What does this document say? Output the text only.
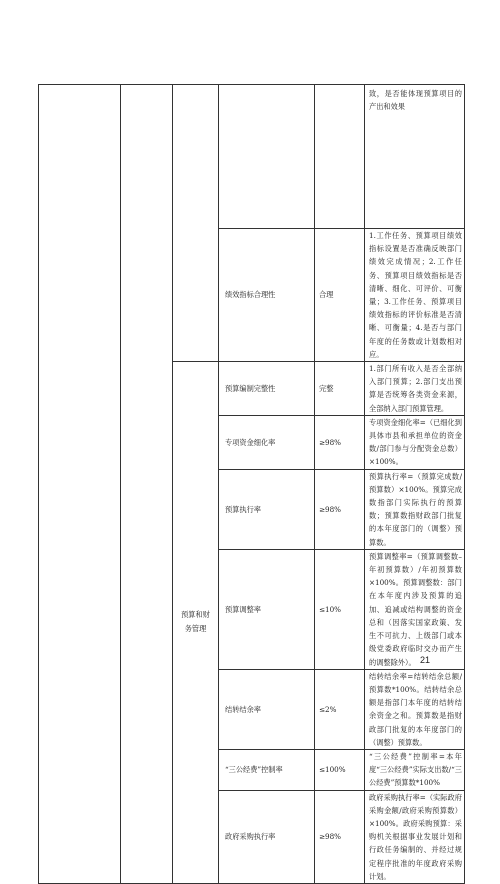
					致，是否能体现预算项目的产出和效果

			绩效指标合理性	合理	1.工作任务、预算项目绩效指标设置是否准确反映部门绩效完成情况；2.工作任务、预算项目绩效指标是否清晰、细化、可评价、可衡量；3.工作任务、预算项目绩效指标的评价标准是否清晰、可衡量；4.是否与部门年度的任务数或计划数相对应。

		预算和财务管理	预算编制完整性	完整	1.部门所有收入是否全部纳入部门预算；2.部门支出预算是否统筹各类资金来源，全部纳入部门预算管理。

			专项资金细化率	≥98%	专项资金细化率=（已细化到具体市县和承担单位的资金数/部门参与分配资金总数）×100%。

			预算执行率	≥98%	预算执行率=（预算完成数/预算数）×100%。预算完成数指部门实际执行的预算数；预算数指财政部门批复的本年度部门的（调整）预算数。

			预算调整率	≤10%	预算调整率=（预算调整数–年初预算数）/年初预算数×100%。预算调整数：部门在本年度内涉及预算的追加、追减或结构调整的资金总和（因落实国家政策、发生不可抗力、上级部门或本级党委政府临时交办而产生的调整除外）。

			结转结余率	≤2%	结转结余率=结转结余总额/预算数*100%。结转结余总额是指部门本年度的结转结余资金之和。预算数是指财政部门批复的本年度部门的（调整）预算数。

			“三公经费”控制率	≤100%	“三公经费”控制率=本年度“三公经费”实际支出数/“三公经费”预算数*100%

			政府采购执行率	≥98%	政府采购执行率=（实际政府采购金额/政府采购预算数）×100%。政府采购预算：采购机关根据事业发展计划和行政任务编制的、并经过规定程序批准的年度政府采购计划。
21
